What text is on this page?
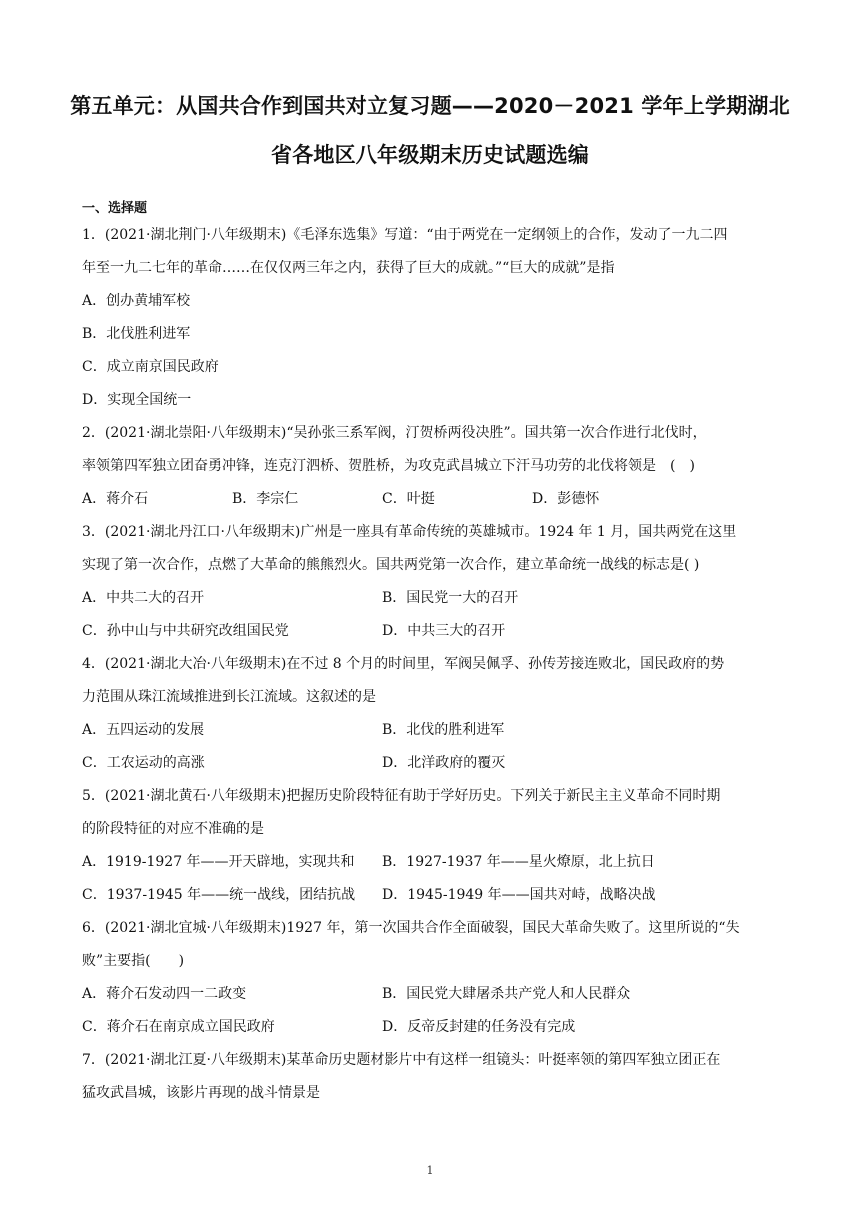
第五单元：从国共合作到国共对立复习题——2020－2021 学年上学期湖北
省各地区八年级期末历史试题选编
一、选择题
1．(2021·湖北荆门·八年级期末)《毛泽东选集》写道：“由于两党在一定纲领上的合作，发动了一九二四
年至一九二七年的革命……在仅仅两三年之内，获得了巨大的成就。”“巨大的成就”是指
A．创办黄埔军校
B．北伐胜利进军
C．成立南京国民政府
D．实现全国统一
2．(2021·湖北崇阳·八年级期末)“吴孙张三系军阀，汀贺桥两役决胜”。国共第一次合作进行北伐时，
率领第四军独立团奋勇冲锋，连克汀泗桥、贺胜桥，为攻克武昌城立下汗马功劳的北伐将领是　(　)
A．蒋介石	B．李宗仁	C．叶挺	D．彭德怀
3．(2021·湖北丹江口·八年级期末)广州是一座具有革命传统的英雄城市。1924 年 1 月，国共两党在这里
实现了第一次合作，点燃了大革命的熊熊烈火。国共两党第一次合作，建立革命统一战线的标志是( )
A．中共二大的召开	B．国民党一大的召开
C．孙中山与中共研究改组国民党	D．中共三大的召开
4．(2021·湖北大冶·八年级期末)在不过 8 个月的时间里，军阀吴佩孚、孙传芳接连败北，国民政府的势
力范围从珠江流域推进到长江流域。这叙述的是
A．五四运动的发展	B．北伐的胜利进军
C．工农运动的高涨	D．北洋政府的覆灭
5．(2021·湖北黄石·八年级期末)把握历史阶段特征有助于学好历史。下列关于新民主主义革命不同时期
的阶段特征的对应不准确的是
A．1919-1927 年——开天辟地，实现共和 B．1927-1937 年——星火燎原，北上抗日
C．1937-1945 年——统一战线，团结抗战 D．1945-1949 年——国共对峙，战略决战
6．(2021·湖北宜城·八年级期末)1927 年，第一次国共合作全面破裂，国民大革命失败了。这里所说的“失
败”主要指(　　)
A．蒋介石发动四一二政变	B．国民党大肆屠杀共产党人和人民群众
C．蒋介石在南京成立国民政府	D．反帝反封建的任务没有完成
7．(2021·湖北江夏·八年级期末)某革命历史题材影片中有这样一组镜头：叶挺率领的第四军独立团正在
猛攻武昌城，该影片再现的战斗情景是
1
